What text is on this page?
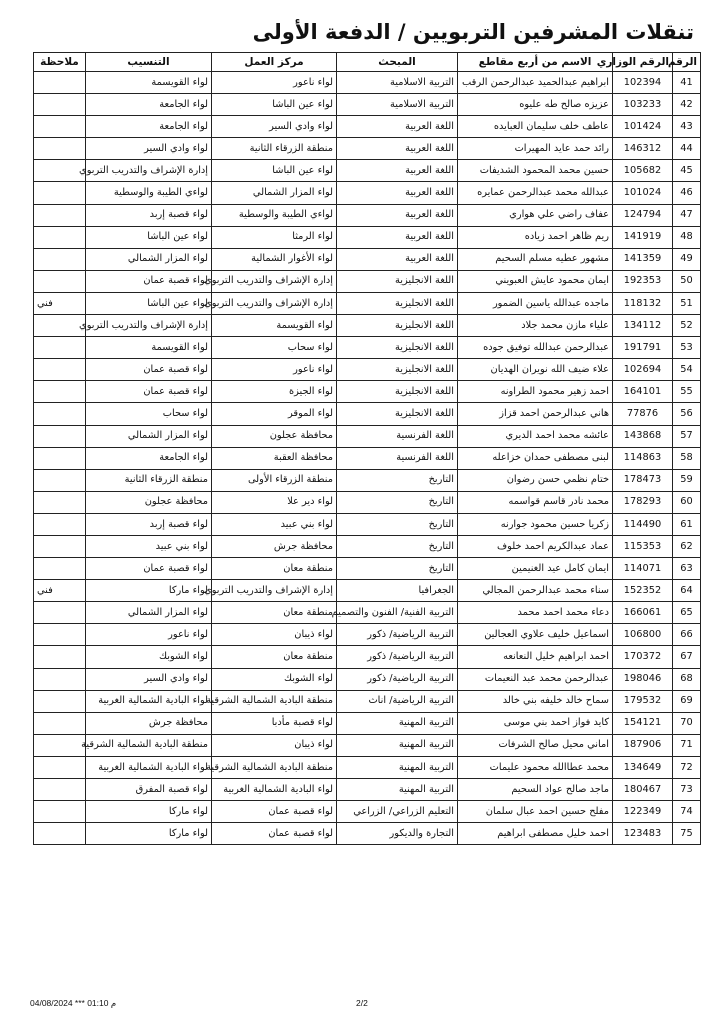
تنقلات المشرفين التربويين / الدفعة الأولى
الرقم	الرقم الوزاري	الاسم من أربع مقاطع	المبحث	مركز العمل	التنسيب	ملاحظة
41	102394	ابراهيم عبدالحميد عبدالرحمن الرقب	التربية الاسلامية	لواء ناعور	لواء القويسمة	
42	103233	عزيزه صالح طه عليوه	التربية الاسلامية	لواء عين الباشا	لواء الجامعة	
43	101424	عاطف خلف سليمان العبايده	اللغة العربية	لواء وادي السير	لواء الجامعة	
44	146312	رائد حمد عايد المهيرات	اللغة العربية	منطقة الزرقاء الثانية	لواء وادي السير	
45	105682	حسين محمد المحمود الشديفات	اللغة العربية	لواء عين الباشا	إدارة الإشراف والتدريب التربوي	
46	101024	عبدالله محمد عبدالرحمن عمايره	اللغة العربية	لواء المزار الشمالي	لواءي الطيبة والوسطية	
47	124794	عفاف راضي علي هواري	اللغة العربية	لواءي الطيبة والوسطية	لواء قصبة إربد	
48	141919	ريم ظاهر احمد زياده	اللغة العربية	لواء الرمثا	لواء عين الباشا	
49	141359	مشهور عطيه مسلم السحيم	اللغة العربية	لواء الأغوار الشمالية	لواء المزار الشمالي	
50	192353	ايمان محمود عايش العبويني	اللغة الانجليزية	إدارة الإشراف والتدريب التربوي	لواء قصبة عمان	
51	118132	ماجده عبدالله ياسين الضمور	اللغة الانجليزية	إدارة الإشراف والتدريب التربوي	لواء عين الباشا	فني
52	134112	علياء مازن محمد جلاد	اللغة الانجليزية	لواء القويسمة	إدارة الإشراف والتدريب التربوي	
53	191791	عبدالرحمن عبدالله توفيق جوده	اللغة الانجليزية	لواء سحاب	لواء القويسمة	
54	102694	علاء ضيف الله نويران الهديان	اللغة الانجليزية	لواء ناعور	لواء قصبة عمان	
55	164101	احمد زهير محمود الطراونه	اللغة الانجليزية	لواء الجيزة	لواء قصبة عمان	
56	77876	هاني عبدالرحمن احمد قزاز	اللغة الانجليزية	لواء الموقر	لواء سحاب	
57	143868	عائشه محمد احمد الديري	اللغة الفرنسية	محافظة عجلون	لواء المزار الشمالي	
58	114863	لبنى مصطفى حمدان خزاعله	اللغة الفرنسية	محافظة العقبة	لواء الجامعة	
59	178473	ختام نظمي حسن رضوان	التاريخ	منطقة الزرقاء الأولى	منطقة الزرقاء الثانية	
60	178293	محمد نادر قاسم قواسمه	التاريخ	لواء دير علا	محافظة عجلون	
61	114490	زكريا حسين محمود جوارنه	التاريخ	لواء بني عبيد	لواء قصبة إربد	
62	115353	عماد عبدالكريم احمد خلوف	التاريخ	محافظة جرش	لواء بني عبيد	
63	114071	ايمان كامل عيد الغنيمين	التاريخ	منطقة معان	لواء قصبة عمان	
64	152352	سناء محمد عبدالرحمن المجالي	الجغرافيا	إدارة الإشراف والتدريب التربوي	لواء ماركا	فني
65	166061	دعاء محمد احمد محمد	التربية الفنية/ الفنون والتصميم	منطقة معان	لواء المزار الشمالي	
66	106800	اسماعيل خليف علاوي العجالين	التربية الرياضية/ ذكور	لواء ذيبان	لواء ناعور	
67	170372	احمد ابراهيم خليل النعانعه	التربية الرياضية/ ذكور	منطقة معان	لواء الشوبك	
68	198046	عبدالرحمن محمد عبد النعيمات	التربية الرياضية/ ذكور	لواء الشوبك	لواء وادي السير	
69	179532	سماح خالد خليفه بني خالد	التربية الرياضية/ اناث	منطقة البادية الشمالية الشرقية	لواء البادية الشمالية الغربية	
70	154121	كايد فواز احمد بني موسى	التربية المهنية	لواء قصبة مأدبا	محافظة جرش	
71	187906	اماني محيل صالح الشرفات	التربية المهنية	لواء ذيبان	منطقة البادية الشمالية الشرقية	
72	134649	محمد عطاالله محمود عليمات	التربية المهنية	منطقة البادية الشمالية الشرقية	لواء البادية الشمالية الغربية	
73	180467	ماجد صالح عواد السحيم	التربية المهنية	لواء البادية الشمالية الغربية	لواء قصبة المفرق	
74	122349	مفلح حسين احمد عبال سلمان	التعليم الزراعي/ الزراعي	لواء قصبة عمان	لواء ماركا	
75	123483	احمد خليل مصطفى ابراهيم	التجارة والديكور	لواء قصبة عمان	لواء ماركا	
م 01:10 *** 04/08/2024	2/2
